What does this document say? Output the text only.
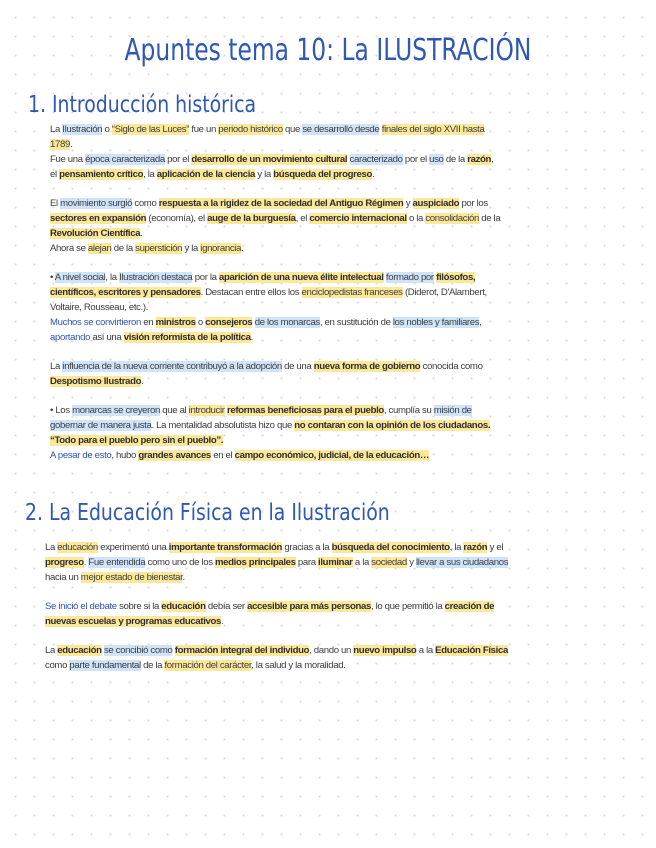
Apuntes tema 10: La ILUSTRACIÓN
1. Introducción histórica
La Ilustración o “Siglo de las Luces” fue un periodo histórico que se desarrolló desde finales del siglo XVII hasta
1789.
Fue una época caracterizada por el desarrollo de un movimiento cultural caracterizado por el uso de la razón,
el pensamiento crítico, la aplicación de la ciencia y la búsqueda del progreso.
El movimiento surgió como respuesta a la rigidez de la sociedad del Antiguo Régimen y auspiciado por los
sectores en expansión (economía), el auge de la burguesía, el comercio internacional o la consolidación de la
Revolución Científica.
Ahora se alejan de la superstición y la ignorancia.
• A nivel social, la Ilustración destaca por la aparición de una nueva élite intelectual formado por filósofos,
científicos, escritores y pensadores. Destacan entre ellos los enciclopedistas franceses (Diderot, D'Alambert,
Voltaire, Rousseau, etc.).
Muchos se convirtieron en ministros o consejeros de los monarcas, en sustitución de los nobles y familiares,
aportando así una visión reformista de la política.
La influencia de la nueva corriente contribuyó a la adopción de una nueva forma de gobierno conocida como
Despotismo Ilustrado.
• Los monarcas se creyeron que al introducir reformas beneficiosas para el pueblo, cumplía su misión de
gobernar de manera justa. La mentalidad absolutista hizo que no contaran con la opinión de los ciudadanos.
“Todo para el pueblo pero sin el pueblo”.
A pesar de esto, hubo grandes avances en el campo económico, judicial, de la educación…
2. La Educación Física en la Ilustración
La educación experimentó una importante transformación gracias a la búsqueda del conocimiento, la razón y el
progreso. Fue entendida como uno de los medios principales para iluminar a la sociedad y llevar a sus ciudadanos
hacia un mejor estado de bienestar.
Se inició el debate sobre si la educación debía ser accesible para más personas, lo que permitió la creación de
nuevas escuelas y programas educativos.
La educación se concibió como formación integral del individuo, dando un nuevo impulso a la Educación Física
como parte fundamental de la formación del carácter, la salud y la moralidad.
